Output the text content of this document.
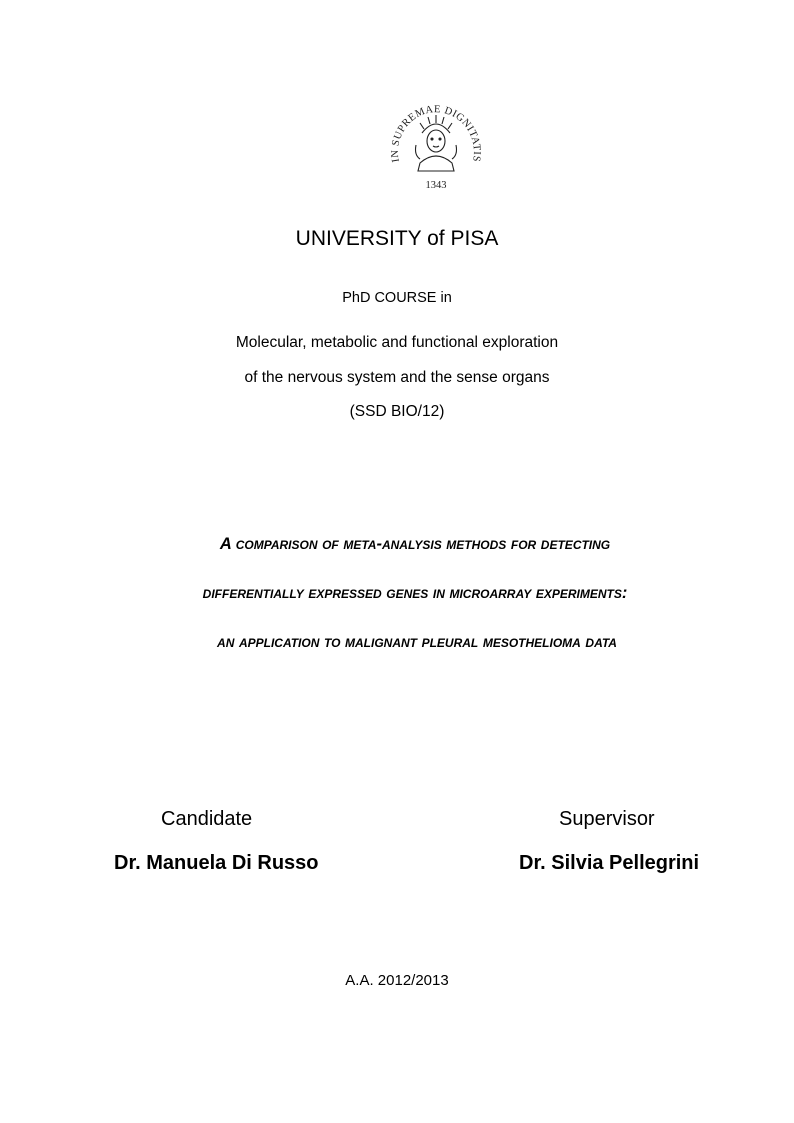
IN SUPREMAE DIGNITATIS
1343
UNIVERSITY of PISA
PhD COURSE in
Molecular, metabolic and functional exploration
of the nervous system and the sense organs
(SSD BIO/12)
A comparison of meta-analysis methods for detecting
differentially expressed genes in microarray experiments:
an application to malignant pleural mesothelioma data
Candidate	Supervisor
Dr. Manuela Di Russo	Dr. Silvia Pellegrini
A.A. 2012/2013
